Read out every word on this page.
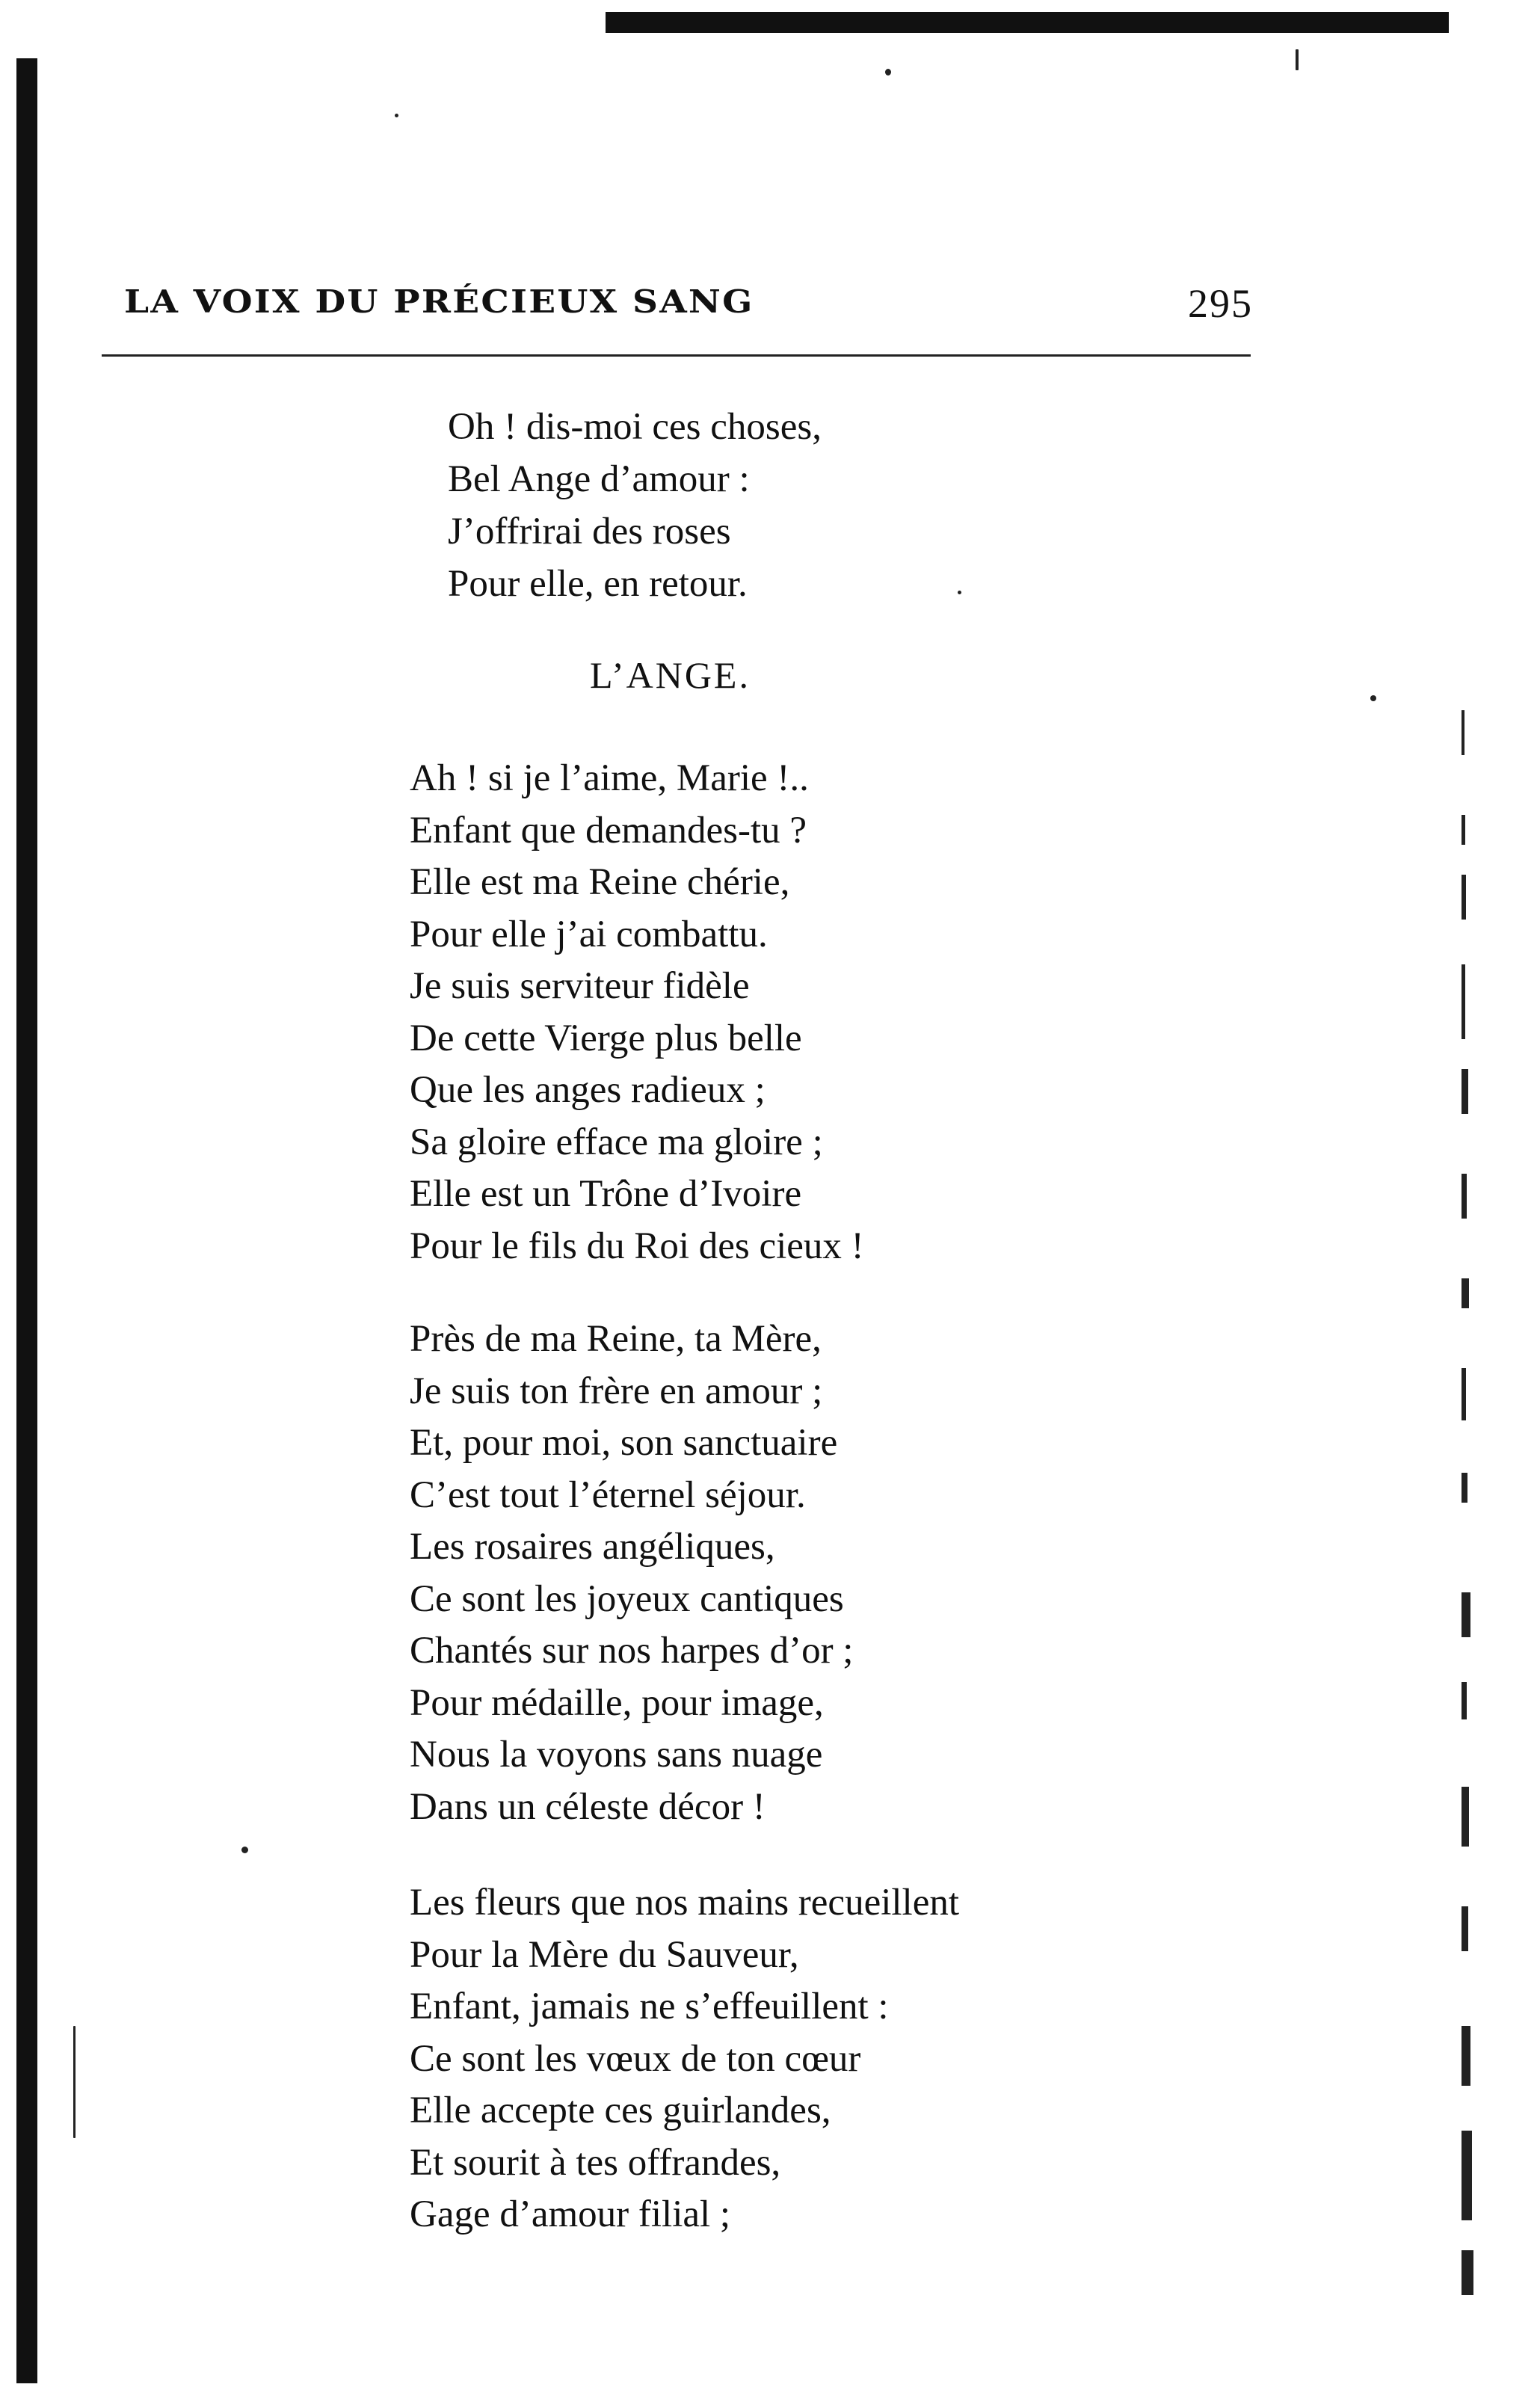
LA VOIX DU PRÉCIEUX SANG	295
Oh ! dis-moi ces choses,
Bel Ange d’amour :
J’offrirai des roses
Pour elle, en retour.
L’ANGE.
Ah ! si je l’aime, Marie !..
Enfant que demandes-tu ?
Elle est ma Reine chérie,
Pour elle j’ai combattu.
Je suis serviteur fidèle
De cette Vierge plus belle
Que les anges radieux ;
Sa gloire efface ma gloire ;
Elle est un Trône d’Ivoire
Pour le fils du Roi des cieux !
Près de ma Reine, ta Mère,
Je suis ton frère en amour ;
Et, pour moi, son sanctuaire
C’est tout l’éternel séjour.
Les rosaires angéliques,
Ce sont les joyeux cantiques
Chantés sur nos harpes d’or ;
Pour médaille, pour image,
Nous la voyons sans nuage
Dans un céleste décor !
Les fleurs que nos mains recueillent
Pour la Mère du Sauveur,
Enfant, jamais ne s’effeuillent :
Ce sont les vœux de ton cœur
Elle accepte ces guirlandes,
Et sourit à tes offrandes,
Gage d’amour filial ;
